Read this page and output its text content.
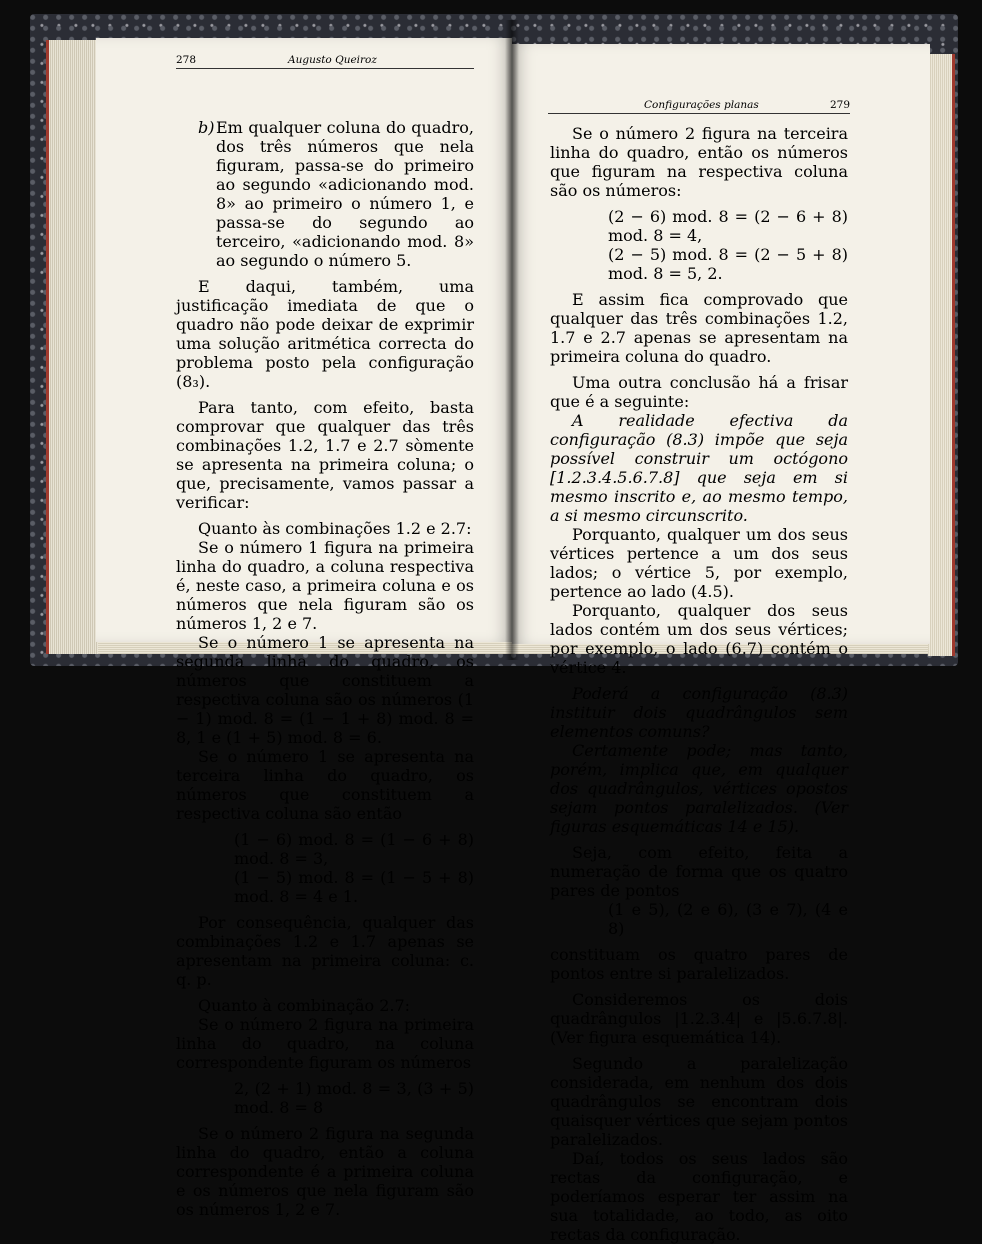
278	Augusto Queiroz
Configurações planas	279

b)Em qualquer coluna do quadro, dos três números que nela figuram, passa-se do primeiro ao segundo «adicionando mod. 8» ao primeiro o número 1, e passa-se do segundo ao terceiro, «adicionando mod. 8» ao segundo o número 5.

E daqui, também, uma justificação imediata de que o quadro não pode deixar de exprimir uma solução aritmética correcta do problema posto pela configuração (8₃).

Para tanto, com efeito, basta comprovar que qualquer das três combinações 1.2, 1.7 e 2.7 sòmente se apresenta na primeira coluna; o que, precisamente, vamos passar a verificar:

Quanto às combinações 1.2 e 2.7:

Se o número 1 figura na primeira linha do quadro, a coluna respectiva é, neste caso, a primeira coluna e os números que nela figuram são os números 1, 2 e 7.

Se o número 1 se apresenta na segunda linha do quadro, os números que constituem a respectiva coluna são os números (1 − 1) mod. 8 = (1 − 1 + 8) mod. 8 = 8, 1 e (1 + 5) mod. 8 = 6.

Se o número 1 se apresenta na terceira linha do quadro, os números que constituem a respectiva coluna são então

(1 − 6) mod. 8 = (1 − 6 + 8) mod. 8 = 3,

(1 − 5) mod. 8 = (1 − 5 + 8) mod. 8 = 4 e 1.

Por consequência, qualquer das combinações 1.2 e 1.7 apenas se apresentam na primeira coluna: c. q. p.

Quanto à combinação 2.7:

Se o número 2 figura na primeira linha do quadro, na coluna correspondente figuram os números

2, (2 + 1) mod. 8 = 3, (3 + 5) mod. 8 = 8

Se o número 2 figura na segunda linha do quadro, então a coluna correspondente é a primeira coluna e os números que nela figuram são os números 1, 2 e 7.

Se o número 2 figura na terceira linha do quadro, então os números que figuram na respectiva coluna são os números:

(2 − 6) mod. 8 = (2 − 6 + 8) mod. 8 = 4,

(2 − 5) mod. 8 = (2 − 5 + 8) mod. 8 = 5, 2.

E assim fica comprovado que qualquer das três combinações 1.2, 1.7 e 2.7 apenas se apresentam na primeira coluna do quadro.

Uma outra conclusão há a frisar que é a seguinte:

A realidade efectiva da configuração (8.3) impõe que seja possível construir um octógono [1.2.3.4.5.6.7.8] que seja em si mesmo inscrito e, ao mesmo tempo, a si mesmo circunscrito.

Porquanto, qualquer um dos seus vértices pertence a um dos seus lados; o vértice 5, por exemplo, pertence ao lado (4.5).

Porquanto, qualquer dos seus lados contém um dos seus vértices; por exemplo, o lado (6.7) contém o vértice 4.

Poderá a configuração (8.3) instituir dois quadrângulos sem elementos comuns?

Certamente pode; mas tanto, porém, implica que, em qualquer dos quadrângulos, vértices opostos sejam pontos paralelizados. (Ver figuras esquemáticas 14 e 15).

Seja, com efeito, feita a numeração de forma que os quatro pares de pontos

(1 e 5), (2 e 6), (3 e 7), (4 e 8)

constituam os quatro pares de pontos entre si paralelizados.

Consideremos os dois quadrângulos |1.2.3.4| e |5.6.7.8|. (Ver figura esquemática 14).

Segundo a paralelização considerada, em nenhum dos dois quadrângulos se encontram dois quaisquer vértices que sejam pontos paralelizados.

Daí, todos os seus lados são rectas da configuração, e poderíamos esperar ter assim na sua totalidade, ao todo, as oito rectas da configuração.
